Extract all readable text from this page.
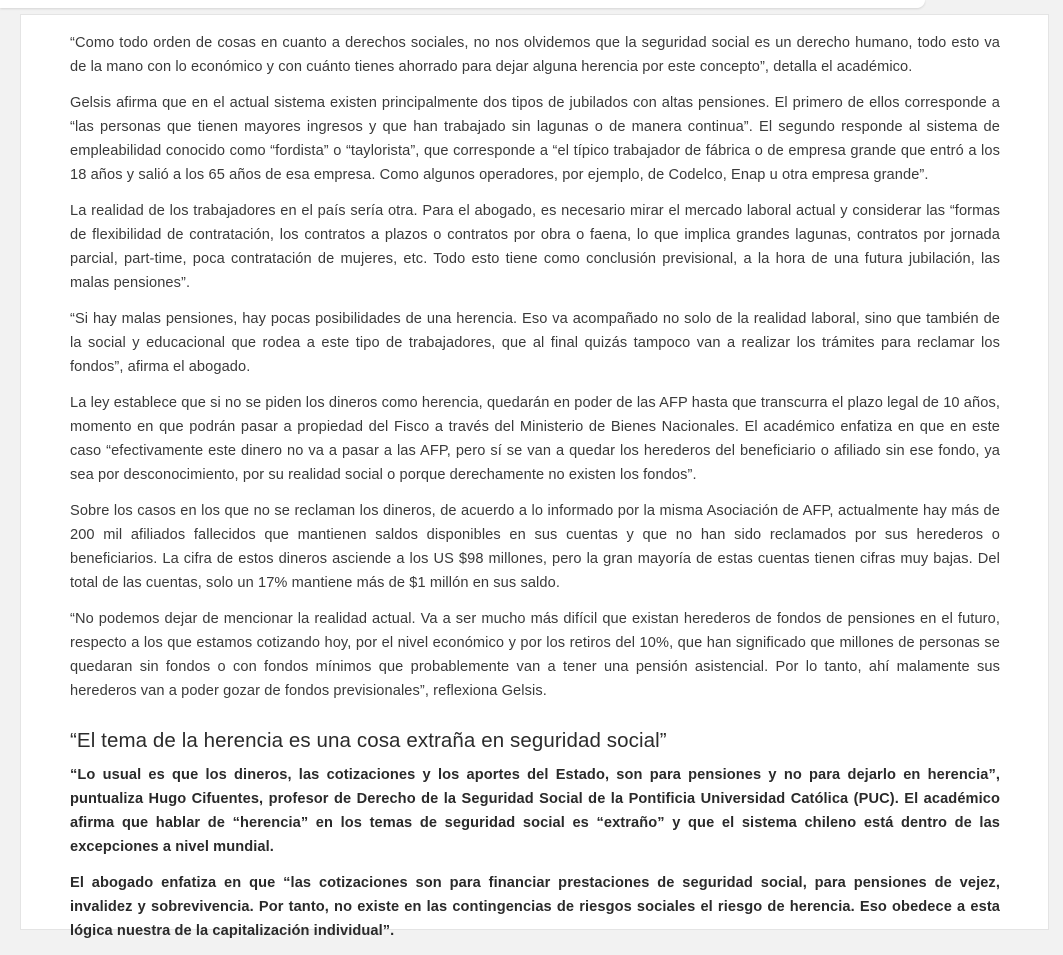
“Como todo orden de cosas en cuanto a derechos sociales, no nos olvidemos que la seguridad social es un derecho humano, todo esto va de la mano con lo económico y con cuánto tienes ahorrado para dejar alguna herencia por este concepto”, detalla el académico.

Gelsis afirma que en el actual sistema existen principalmente dos tipos de jubilados con altas pensiones. El primero de ellos corresponde a “las personas que tienen mayores ingresos y que han trabajado sin lagunas o de manera continua”. El segundo responde al sistema de empleabilidad conocido como “fordista” o “taylorista”, que corresponde a “el típico trabajador de fábrica o de empresa grande que entró a los 18 años y salió a los 65 años de esa empresa. Como algunos operadores, por ejemplo, de Codelco, Enap u otra empresa grande”.

La realidad de los trabajadores en el país sería otra. Para el abogado, es necesario mirar el mercado laboral actual y considerar las “formas de flexibilidad de contratación, los contratos a plazos o contratos por obra o faena, lo que implica grandes lagunas, contratos por jornada parcial, part-time, poca contratación de mujeres, etc. Todo esto tiene como conclusión previsional, a la hora de una futura jubilación, las malas pensiones”.

“Si hay malas pensiones, hay pocas posibilidades de una herencia. Eso va acompañado no solo de la realidad laboral, sino que también de la social y educacional que rodea a este tipo de trabajadores, que al final quizás tampoco van a realizar los trámites para reclamar los fondos”, afirma el abogado.

La ley establece que si no se piden los dineros como herencia, quedarán en poder de las AFP hasta que transcurra el plazo legal de 10 años, momento en que podrán pasar a propiedad del Fisco a través del Ministerio de Bienes Nacionales. El académico enfatiza en que en este caso “efectivamente este dinero no va a pasar a las AFP, pero sí se van a quedar los herederos del beneficiario o afiliado sin ese fondo, ya sea por desconocimiento, por su realidad social o porque derechamente no existen los fondos”.

Sobre los casos en los que no se reclaman los dineros, de acuerdo a lo informado por la misma Asociación de AFP, actualmente hay más de 200 mil afiliados fallecidos que mantienen saldos disponibles en sus cuentas y que no han sido reclamados por sus herederos o beneficiarios. La cifra de estos dineros asciende a los US $98 millones, pero la gran mayoría de estas cuentas tienen cifras muy bajas. Del total de las cuentas, solo un 17% mantiene más de $1 millón en sus saldo.

“No podemos dejar de mencionar la realidad actual. Va a ser mucho más difícil que existan herederos de fondos de pensiones en el futuro, respecto a los que estamos cotizando hoy, por el nivel económico y por los retiros del 10%, que han significado que millones de personas se quedaran sin fondos o con fondos mínimos que probablemente van a tener una pensión asistencial. Por lo tanto, ahí malamente sus herederos van a poder gozar de fondos previsionales”, reflexiona Gelsis.

“El tema de la herencia es una cosa extraña en seguridad social”

“Lo usual es que los dineros, las cotizaciones y los aportes del Estado, son para pensiones y no para dejarlo en herencia”, puntualiza Hugo Cifuentes, profesor de Derecho de la Seguridad Social de la Pontificia Universidad Católica (PUC). El académico afirma que hablar de “herencia” en los temas de seguridad social es “extraño” y que el sistema chileno está dentro de las excepciones a nivel mundial.

El abogado enfatiza en que “las cotizaciones son para financiar prestaciones de seguridad social, para pensiones de vejez, invalidez y sobrevivencia. Por tanto, no existe en las contingencias de riesgos sociales el riesgo de herencia. Eso obedece a esta lógica nuestra de la capitalización individual”.
